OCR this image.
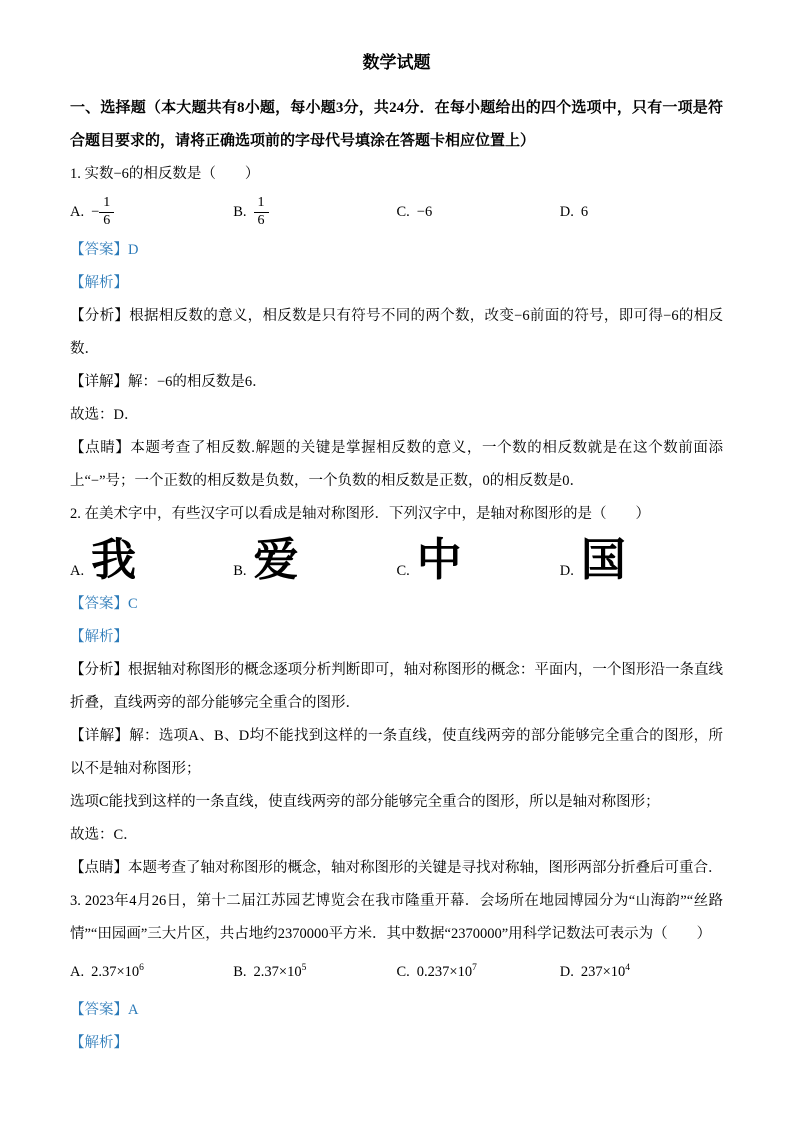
数学试题

一、选择题（本大题共有8小题，每小题3分，共24分．在每小题给出的四个选项中，只有一项是符合题目要求的，请将正确选项前的字母代号填涂在答题卡相应位置上）

1. 实数−6的相反数是（　　）

A. − $\frac{1}{6}$	B. $\frac{1}{6}$	C. −6	D. 6

【答案】D

【解析】

【分析】根据相反数的意义，相反数是只有符号不同的两个数，改变−6前面的符号，即可得−6的相反数．

【详解】解：−6的相反数是6．

故选：D．

【点睛】本题考查了相反数.解题的关键是掌握相反数的意义，一个数的相反数就是在这个数前面添上“−”号；一个正数的相反数是负数，一个负数的相反数是正数，0的相反数是0．

2. 在美术字中，有些汉字可以看成是轴对称图形．下列汉字中，是轴对称图形的是（　　）

A. 我	B. 爱	C. 中	D. 国

【答案】C

【解析】

【分析】根据轴对称图形的概念逐项分析判断即可，轴对称图形的概念：平面内，一个图形沿一条直线折叠，直线两旁的部分能够完全重合的图形．

【详解】解：选项A、B、D均不能找到这样的一条直线，使直线两旁的部分能够完全重合的图形，所以不是轴对称图形；

选项C能找到这样的一条直线，使直线两旁的部分能够完全重合的图形，所以是轴对称图形；

故选：C．

【点睛】本题考查了轴对称图形的概念，轴对称图形的关键是寻找对称轴，图形两部分折叠后可重合．

3. 2023年4月26日，第十二届江苏园艺博览会在我市隆重开幕．会场所在地园博园分为“山海韵”“丝路情”“田园画”三大片区，共占地约2370000平方米．其中数据“2370000”用科学记数法可表示为（　　）

A. $2.37\times 10^6$	B. $2.37\times 10^5$	C. $0.237\times 10^7$	D. $237\times 10^4$

【答案】A

【解析】
